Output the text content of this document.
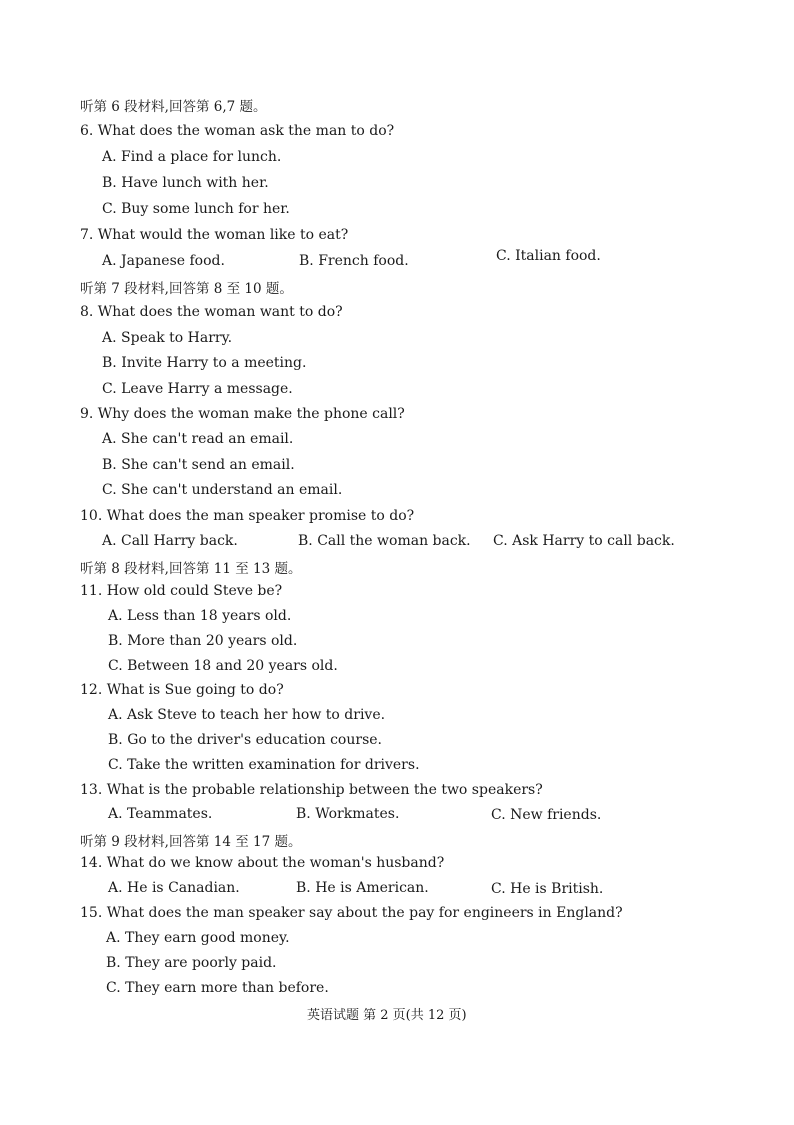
听第 6 段材料,回答第 6,7 题。
6. What does the woman ask the man to do?
A. Find a place for lunch.
B. Have lunch with her.
C. Buy some lunch for her.
7. What would the woman like to eat?
A. Japanese food.	B. French food.	C. Italian food.
听第 7 段材料,回答第 8 至 10 题。
8. What does the woman want to do?
A. Speak to Harry.
B. Invite Harry to a meeting.
C. Leave Harry a message.
9. Why does the woman make the phone call?
A. She can't read an email.
B. She can't send an email.
C. She can't understand an email.
10. What does the man speaker promise to do?
A. Call Harry back.	B. Call the woman back. C. Ask Harry to call back.
听第 8 段材料,回答第 11 至 13 题。
11. How old could Steve be?
A. Less than 18 years old.
B. More than 20 years old.
C. Between 18 and 20 years old.
12. What is Sue going to do?
A. Ask Steve to teach her how to drive.
B. Go to the driver's education course.
C. Take the written examination for drivers.
13. What is the probable relationship between the two speakers?
A. Teammates.	B. Workmates.	C. New friends.
听第 9 段材料,回答第 14 至 17 题。
14. What do we know about the woman's husband?
A. He is Canadian.	B. He is American.	C. He is British.
15. What does the man speaker say about the pay for engineers in England?
A. They earn good money.
B. They are poorly paid.
C. They earn more than before.
英语试题 第 2 页(共 12 页)
